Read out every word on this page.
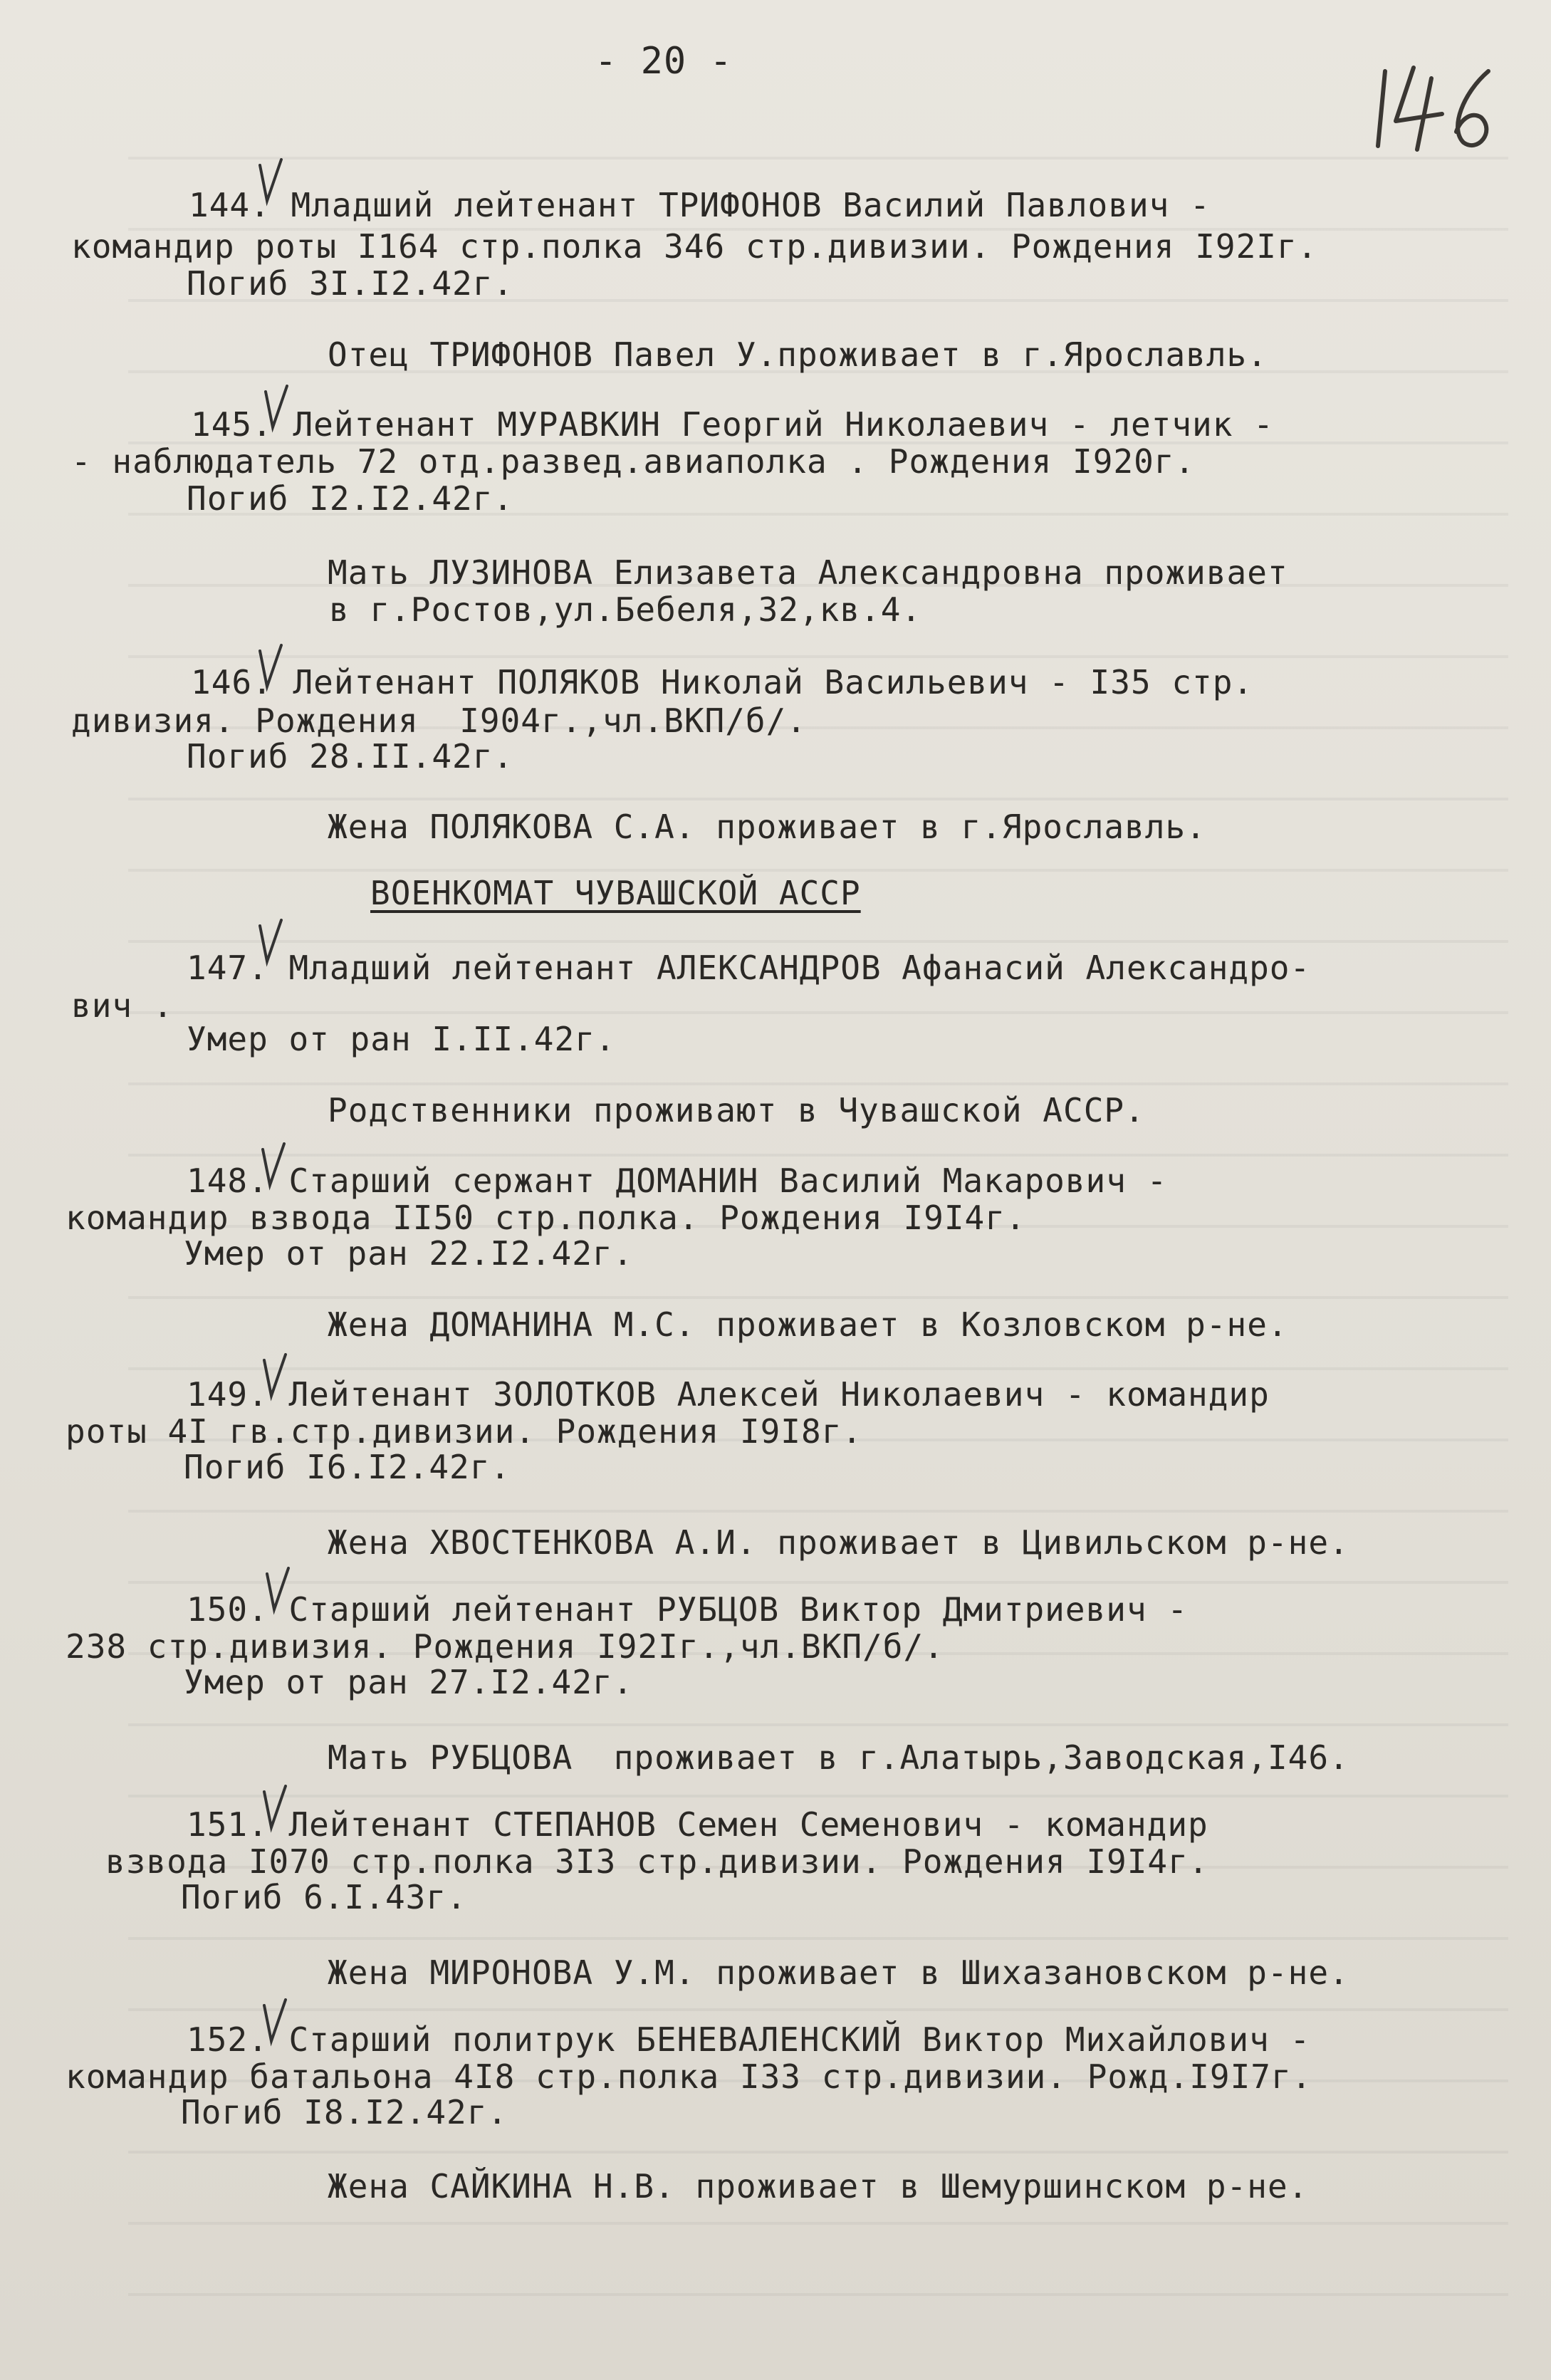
- 20 -
144. Младший лейтенант ТРИФОНОВ Василий Павлович -
командир роты I164 стр.полка 346 стр.дивизии. Рождения I92Iг.
Погиб 3I.I2.42г.
Отец ТРИФОНОВ Павел У.проживает в г.Ярославль.
145. Лейтенант МУРАВКИН Георгий Николаевич - летчик -
- наблюдатель 72 отд.развед.авиаполка . Рождения I920г.
Погиб I2.I2.42г.
Мать ЛУЗИНОВА Елизавета Александровна проживает
в г.Ростов,ул.Бебеля,32,кв.4.
146. Лейтенант ПОЛЯКОВ Николай Васильевич - I35 стр.
дивизия. Рождения  I904г.,чл.ВКП/б/.
Погиб 28.II.42г.
Жена ПОЛЯКОВА С.А. проживает в г.Ярославль.
ВОЕНКОМАТ ЧУВАШСКОЙ АССР
147. Младший лейтенант АЛЕКСАНДРОВ Афанасий Александро-
вич .
Умер от ран I.II.42г.
Родственники проживают в Чувашской АССР.
148. Старший сержант ДОМАНИН Василий Макарович -
командир взвода II50 стр.полка. Рождения I9I4г.
Умер от ран 22.I2.42г.
Жена ДОМАНИНА М.С. проживает в Козловском р-не.
149. Лейтенант ЗОЛОТКОВ Алексей Николаевич - командир
роты 4I гв.стр.дивизии. Рождения I9I8г.
Погиб I6.I2.42г.
Жена ХВОСТЕНКОВА А.И. проживает в Цивильском р-не.
150. Старший лейтенант РУБЦОВ Виктор Дмитриевич -
238 стр.дивизия. Рождения I92Iг.,чл.ВКП/б/.
Умер от ран 27.I2.42г.
Мать РУБЦОВА  проживает в г.Алатырь,Заводская,I46.
151. Лейтенант СТЕПАНОВ Семен Семенович - командир
взвода I070 стр.полка 3I3 стр.дивизии. Рождения I9I4г.
Погиб 6.I.43г.
Жена МИРОНОВА У.М. проживает в Шихазановском р-не.
152. Старший политрук БЕНЕВАЛЕНСКИЙ Виктор Михайлович -
командир батальона 4I8 стр.полка I33 стр.дивизии. Рожд.I9I7г.
Погиб I8.I2.42г.
Жена САЙКИНА Н.В. проживает в Шемуршинском р-не.
